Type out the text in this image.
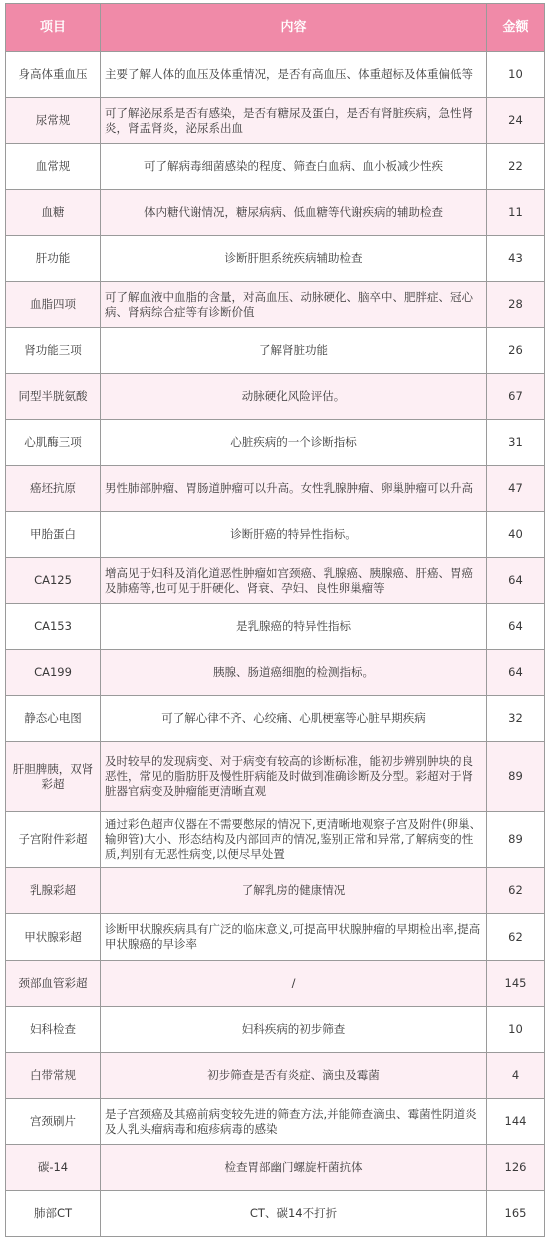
项目	内容	金额
身高体重血压	主要了解人体的血压及体重情况，是否有高血压、体重超标及体重偏低等	10
尿常规	可了解泌尿系是否有感染，是否有糖尿及蛋白，是否有肾脏疾病，急性肾炎，肾盂肾炎，泌尿系出血	24
血常规	可了解病毒细菌感染的程度、筛查白血病、血小板减少性疾	22
血糖	体内糖代谢情况，糖尿病病、低血糖等代谢疾病的辅助检查	11
肝功能	诊断肝胆系统疾病辅助检查	43
血脂四项	可了解血液中血脂的含量，对高血压、动脉硬化、脑卒中、肥胖症、冠心病、肾病综合症等有诊断价值	28
肾功能三项	了解肾脏功能	26
同型半胱氨酸	动脉硬化风险评估。	67
心肌酶三项	心脏疾病的一个诊断指标	31
癌坯抗原	男性肺部肿瘤、胃肠道肿瘤可以升高。女性乳腺肿瘤、卵巢肿瘤可以升高	47
甲胎蛋白	诊断肝癌的特异性指标。	40
CA125	增高见于妇科及消化道恶性肿瘤如宫颈癌、乳腺癌、胰腺癌、肝癌、胃癌及肺癌等,也可见于肝硬化、肾衰、孕妇、良性卵巢瘤等	64
CA153	是乳腺癌的特异性指标	64
CA199	胰腺、肠道癌细胞的检测指标。	64
静态心电图	可了解心律不齐、心绞痛、心肌梗塞等心脏早期疾病	32
肝胆脾胰，双肾彩超	及时较早的发现病变、对于病变有较高的诊断标准，能初步辨别肿块的良恶性，常见的脂肪肝及慢性肝病能及时做到准确诊断及分型。彩超对于肾脏器官病变及肿瘤能更清晰直观	89
子宫附件彩超	通过彩色超声仪器在不需要憋尿的情况下,更清晰地观察子宫及附件(卵巢、输卵管)大小、形态结构及内部回声的情况,鉴别正常和异常,了解病变的性质,判别有无恶性病变,以便尽早处置	89
乳腺彩超	了解乳房的健康情况	62
甲状腺彩超	诊断甲状腺疾病具有广泛的临床意义,可提高甲状腺肿瘤的早期检出率,提高甲状腺癌的早诊率	62
颈部血管彩超	/	145
妇科检查	妇科疾病的初步筛查	10
白带常规	初步筛查是否有炎症、滴虫及霉菌	4
宫颈刷片	是子宫颈癌及其癌前病变较先进的筛查方法,并能筛查滴虫、霉菌性阴道炎及人乳头瘤病毒和疱疹病毒的感染	144
碳-14	检查胃部幽门螺旋杆菌抗体	126
肺部CT	CT、碳14不打折	165
